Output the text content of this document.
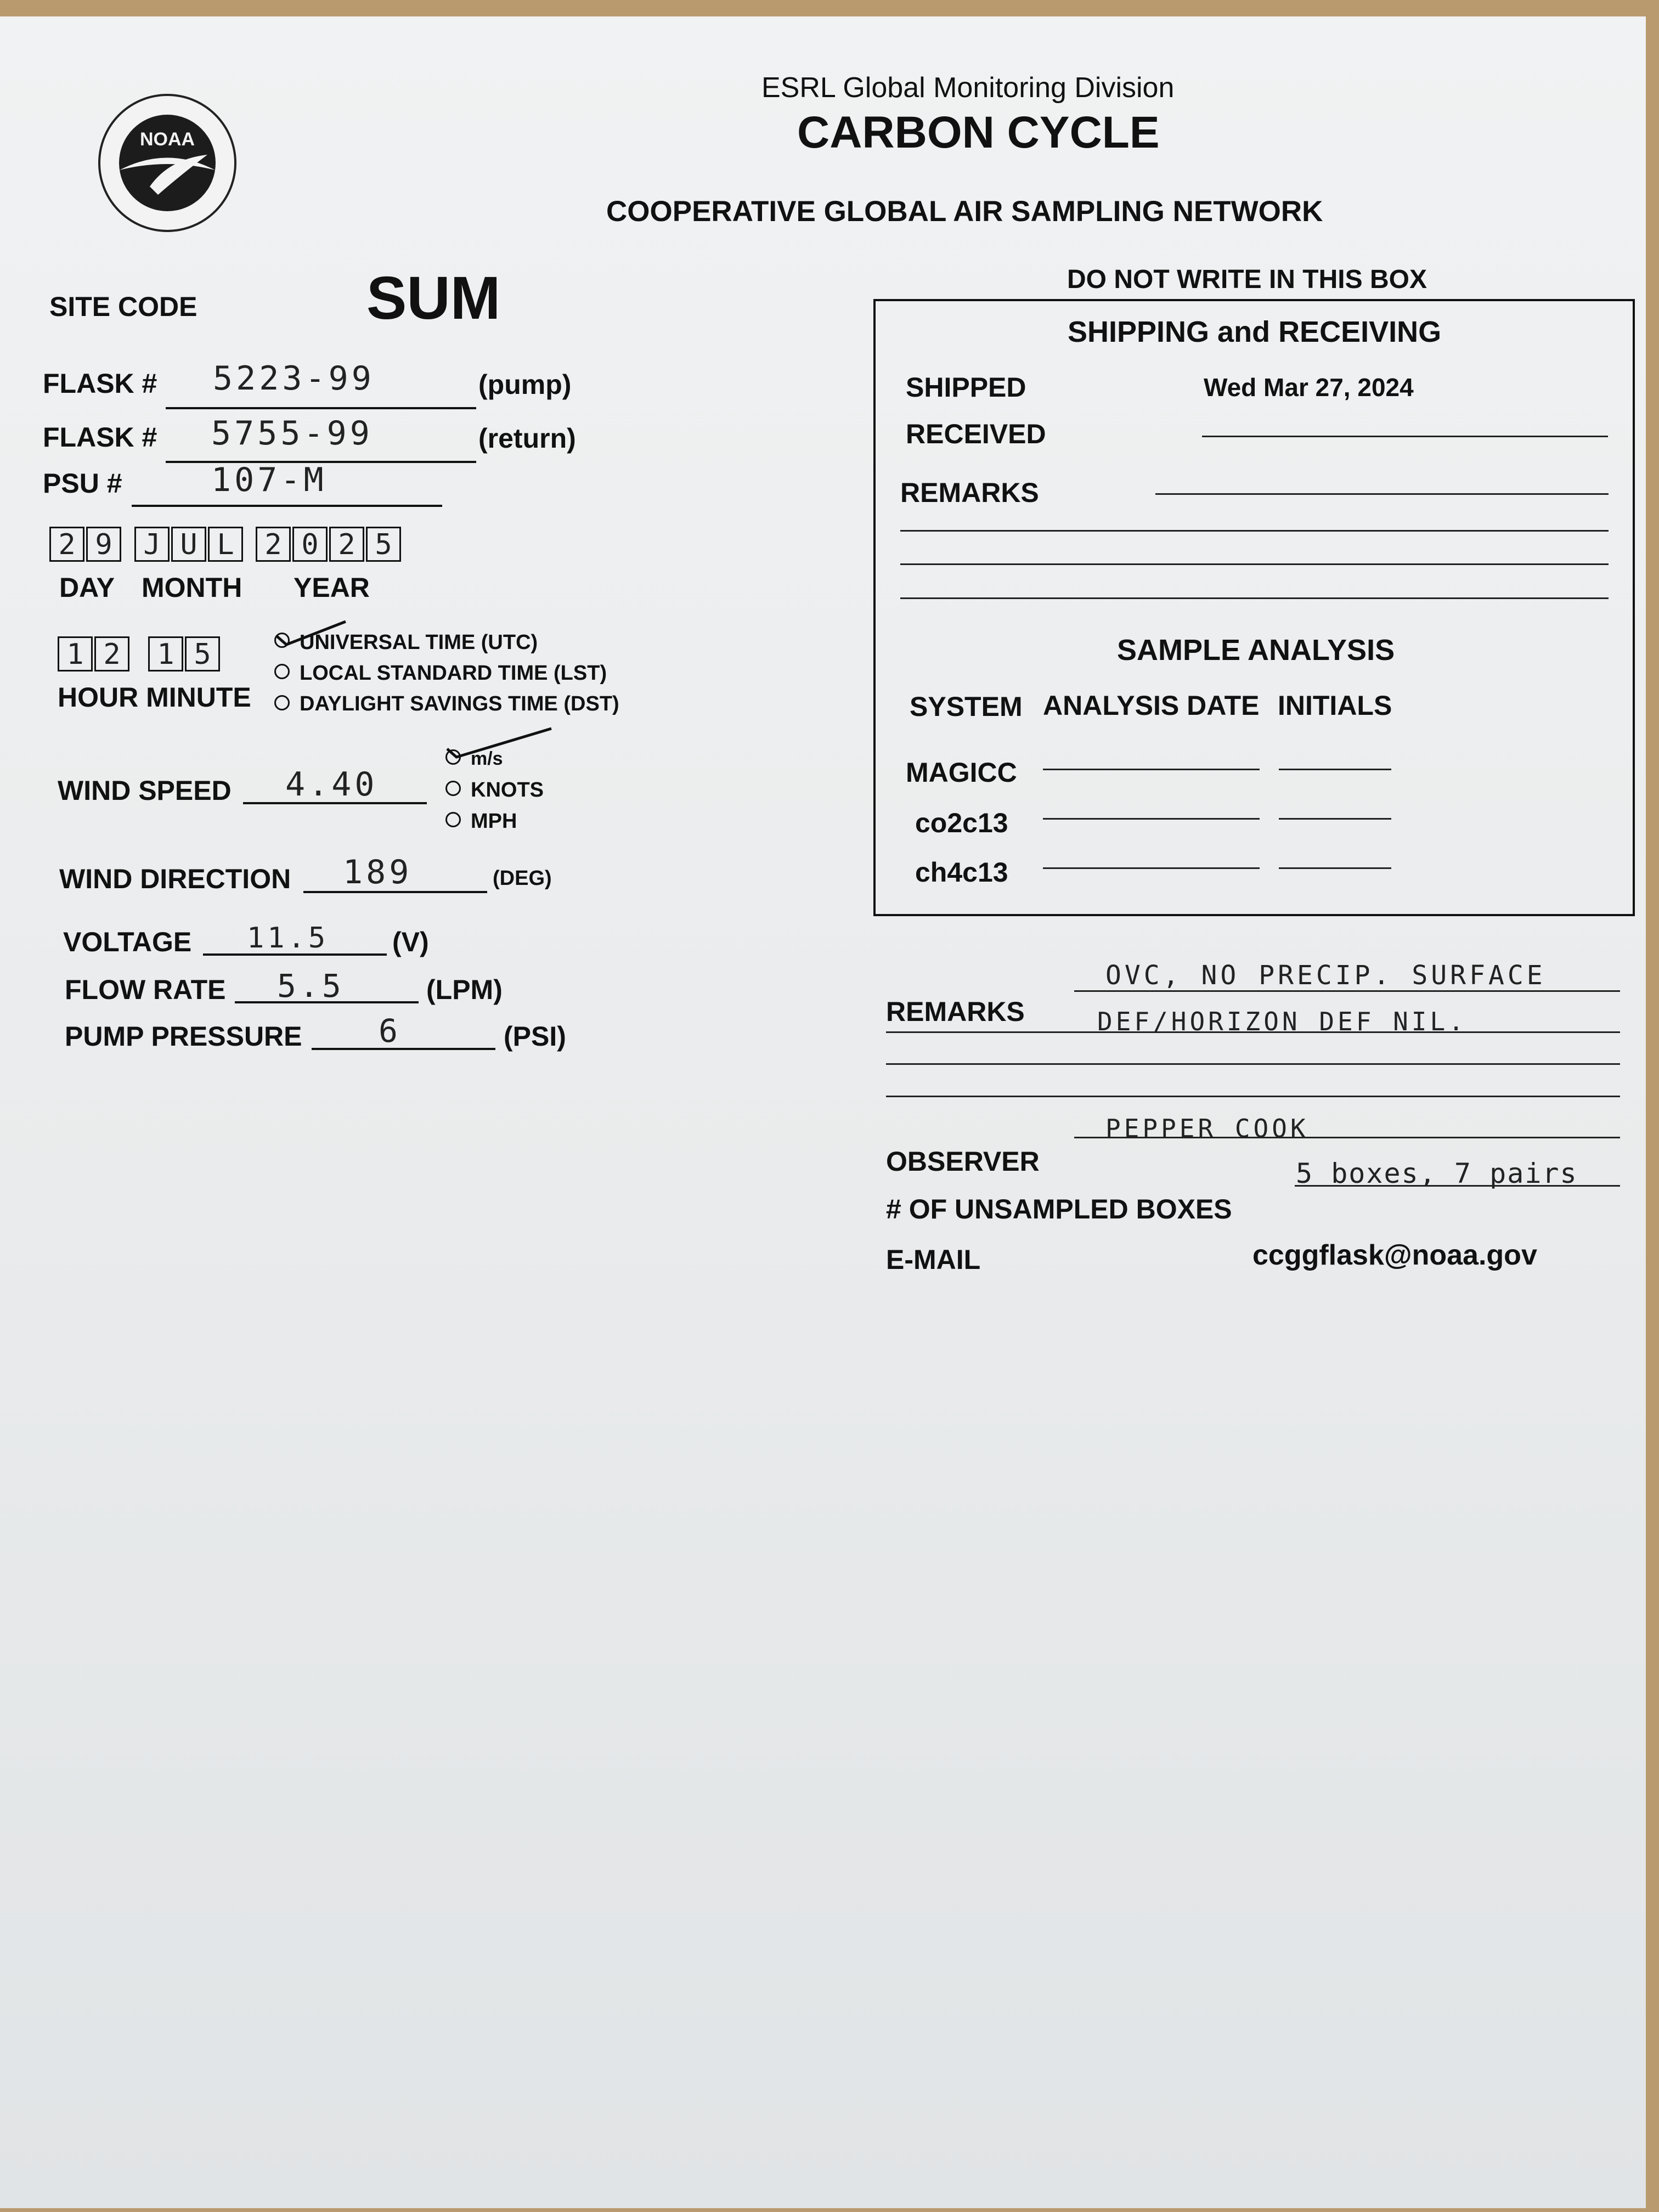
NOAA
ESRL Global Monitoring Division
CARBON CYCLE
COOPERATIVE GLOBAL AIR SAMPLING NETWORK
SITE CODE	SUM
FLASK # 5223-99	(pump)
FLASK # 5755-99	(return)
PSU #	107-M
2 9	J U L	2 0 2 5
DAY MONTH YEAR
1 2	1 5
HOUR MINUTE
UNIVERSAL TIME (UTC)
LOCAL STANDARD TIME (LST)
DAYLIGHT SAVINGS TIME (DST)
WIND SPEED 4.40
m/s
KNOTS
MPH
WIND DIRECTION 189	(DEG)
VOLTAGE 11.5 (V)
FLOW RATE 5.5	(LPM)
PUMP PRESSURE 6	(PSI)
DO NOT WRITE IN THIS BOX
SHIPPING and RECEIVING
SHIPPED	Wed Mar 27, 2024
RECEIVED
REMARKS
SAMPLE ANALYSIS
SYSTEM ANALYSIS DATE INITIALS
MAGICC
co2c13
ch4c13
REMARKS
OVC, NO PRECIP. SURFACE
DEF/HORIZON DEF NIL.
OBSERVER
PEPPER COOK
# OF UNSAMPLED BOXES
5 boxes, 7 pairs
E-MAIL	ccggflask@noaa.gov
